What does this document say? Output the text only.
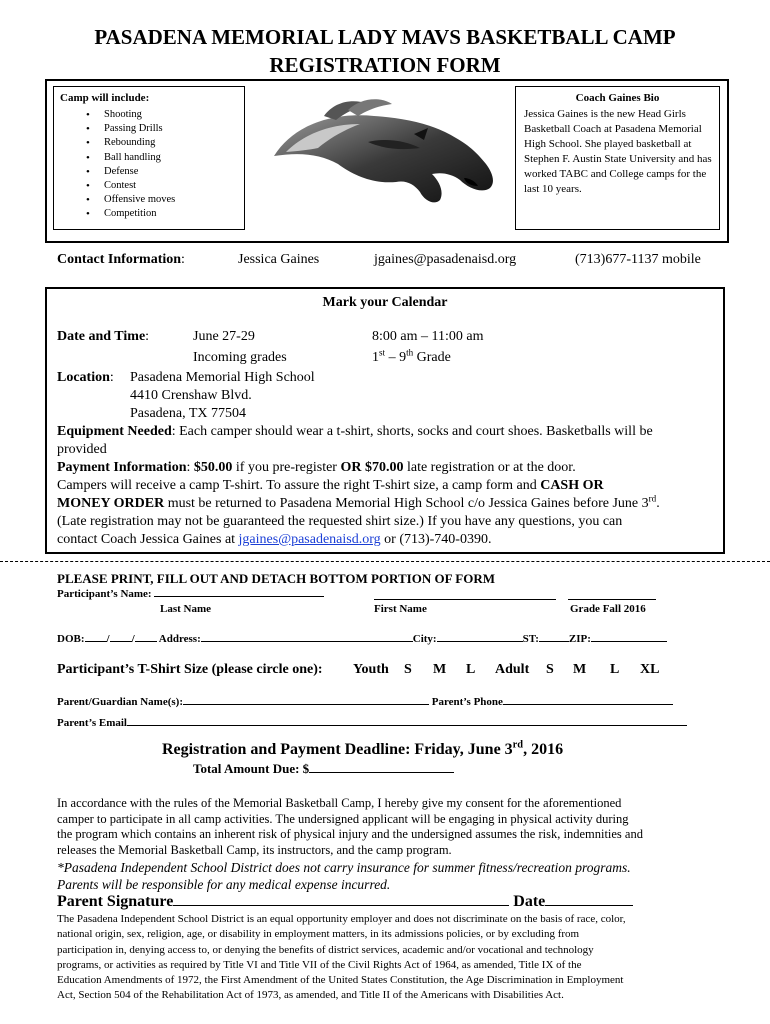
PASADENA MEMORIAL LADY MAVS BASKETBALL CAMP
REGISTRATION FORM
Camp will include:
• Shooting
• Passing Drills
• Rebounding
• Ball handling
• Defense
• Contest
• Offensive moves
• Competition
Coach Gaines Bio
Jessica Gaines is the new Head Girls Basketball Coach at Pasadena Memorial High School. She played basketball at Stephen F. Austin State University and has worked TABC and College camps for the last 10 years.
Contact Information:	Jessica Gaines	jgaines@pasadenaisd.org	(713)677-1137 mobile
Mark your Calendar
Date and Time:	June 27-29	8:00 am – 11:00 am
Incoming grades	1st – 9th Grade
Location: Pasadena Memorial High School
4410 Crenshaw Blvd.
Pasadena, TX 77504
Equipment Needed: Each camper should wear a t-shirt, shorts, socks and court shoes. Basketballs will be
provided
Payment Information: $50.00 if you pre-register OR $70.00 late registration or at the door.
Campers will receive a camp T-shirt. To assure the right T-shirt size, a camp form and CASH OR
MONEY ORDER must be returned to Pasadena Memorial High School c/o Jessica Gaines before June 3rd.
(Late registration may not be guaranteed the requested shirt size.) If you have any questions, you can
contact Coach Jessica Gaines at jgaines@pasadenaisd.org or (713)-740-0390.
PLEASE PRINT, FILL OUT AND DETACH BOTTOM PORTION OF FORM
Participant’s Name:
Last Name	First Name	Grade Fall 2016
DOB: / / Address:	City:	ST:	ZIP:
Participant’s T-Shirt Size (please circle one): Youth S M L Adult S M L XL
Parent/Guardian Name(s):	Parent’s Phone
Parent’s Email
Registration and Payment Deadline: Friday, June 3rd, 2016
Total Amount Due: $
In accordance with the rules of the Memorial Basketball Camp, I hereby give my consent for the aforementioned
camper to participate in all camp activities. The undersigned applicant will be engaging in physical activity during
the program which contains an inherent risk of physical injury and the undersigned assumes the risk, indemnities and
releases the Memorial Basketball Camp, its instructors, and the camp program.
*Pasadena Independent School District does not carry insurance for summer fitness/recreation programs.
Parents will be responsible for any medical expense incurred.
Parent Signature	Date
The Pasadena Independent School District is an equal opportunity employer and does not discriminate on the basis of race, color,
national origin, sex, religion, age, or disability in employment matters, in its admissions policies, or by excluding from
participation in, denying access to, or denying the benefits of district services, academic and/or vocational and technology
programs, or activities as required by Title VI and Title VII of the Civil Rights Act of 1964, as amended, Title IX of the
Education Amendments of 1972, the First Amendment of the United States Constitution, the Age Discrimination in Employment
Act, Section 504 of the Rehabilitation Act of 1973, as amended, and Title II of the Americans with Disabilities Act.
